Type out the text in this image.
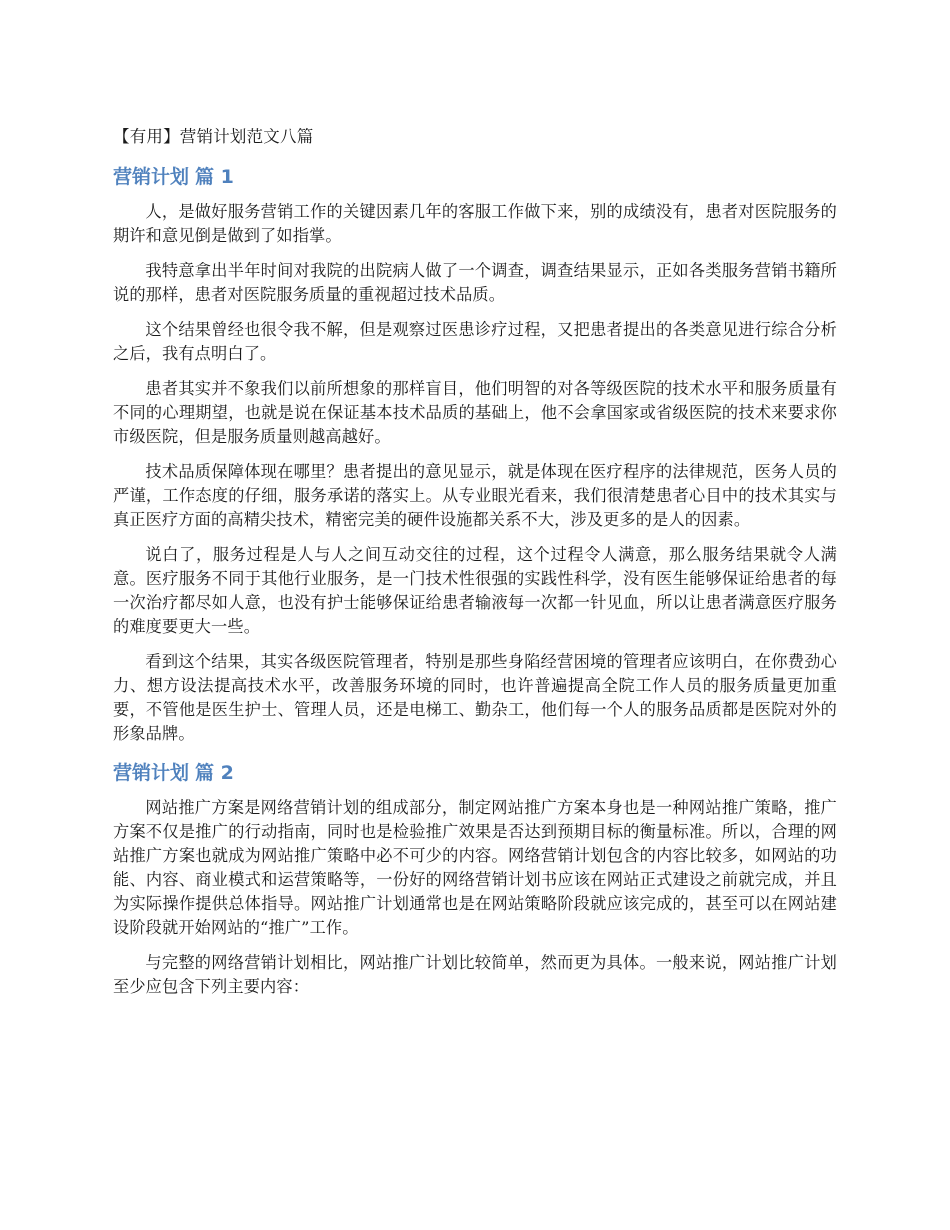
【有用】营销计划范文八篇
营销计划 篇 1

人，是做好服务营销工作的关键因素几年的客服工作做下来，别的成绩没有，患者对医院服务的期许和意见倒是做到了如指掌。

我特意拿出半年时间对我院的出院病人做了一个调查，调查结果显示，正如各类服务营销书籍所说的那样，患者对医院服务质量的重视超过技术品质。

这个结果曾经也很令我不解，但是观察过医患诊疗过程，又把患者提出的各类意见进行综合分析之后，我有点明白了。

患者其实并不象我们以前所想象的那样盲目，他们明智的对各等级医院的技术水平和服务质量有不同的心理期望，也就是说在保证基本技术品质的基础上，他不会拿国家或省级医院的技术来要求你市级医院，但是服务质量则越高越好。

技术品质保障体现在哪里？患者提出的意见显示，就是体现在医疗程序的法律规范，医务人员的严谨，工作态度的仔细，服务承诺的落实上。从专业眼光看来，我们很清楚患者心目中的技术其实与真正医疗方面的高精尖技术，精密完美的硬件设施都关系不大，涉及更多的是人的因素。

说白了，服务过程是人与人之间互动交往的过程，这个过程令人满意，那么服务结果就令人满意。医疗服务不同于其他行业服务，是一门技术性很强的实践性科学，没有医生能够保证给患者的每一次治疗都尽如人意，也没有护士能够保证给患者输液每一次都一针见血，所以让患者满意医疗服务的难度要更大一些。

看到这个结果，其实各级医院管理者，特别是那些身陷经营困境的管理者应该明白，在你费劲心力、想方设法提高技术水平，改善服务环境的同时，也许普遍提高全院工作人员的服务质量更加重要，不管他是医生护士、管理人员，还是电梯工、勤杂工，他们每一个人的服务品质都是医院对外的形象品牌。

营销计划 篇 2

网站推广方案是网络营销计划的组成部分，制定网站推广方案本身也是一种网站推广策略，推广方案不仅是推广的行动指南，同时也是检验推广效果是否达到预期目标的衡量标准。所以，合理的网站推广方案也就成为网站推广策略中必不可少的内容。网络营销计划包含的内容比较多，如网站的功能、内容、商业模式和运营策略等，一份好的网络营销计划书应该在网站正式建设之前就完成，并且为实际操作提供总体指导。网站推广计划通常也是在网站策略阶段就应该完成的，甚至可以在网站建设阶段就开始网站的“推广”工作。

与完整的网络营销计划相比，网站推广计划比较简单，然而更为具体。一般来说，网站推广计划至少应包含下列主要内容：
